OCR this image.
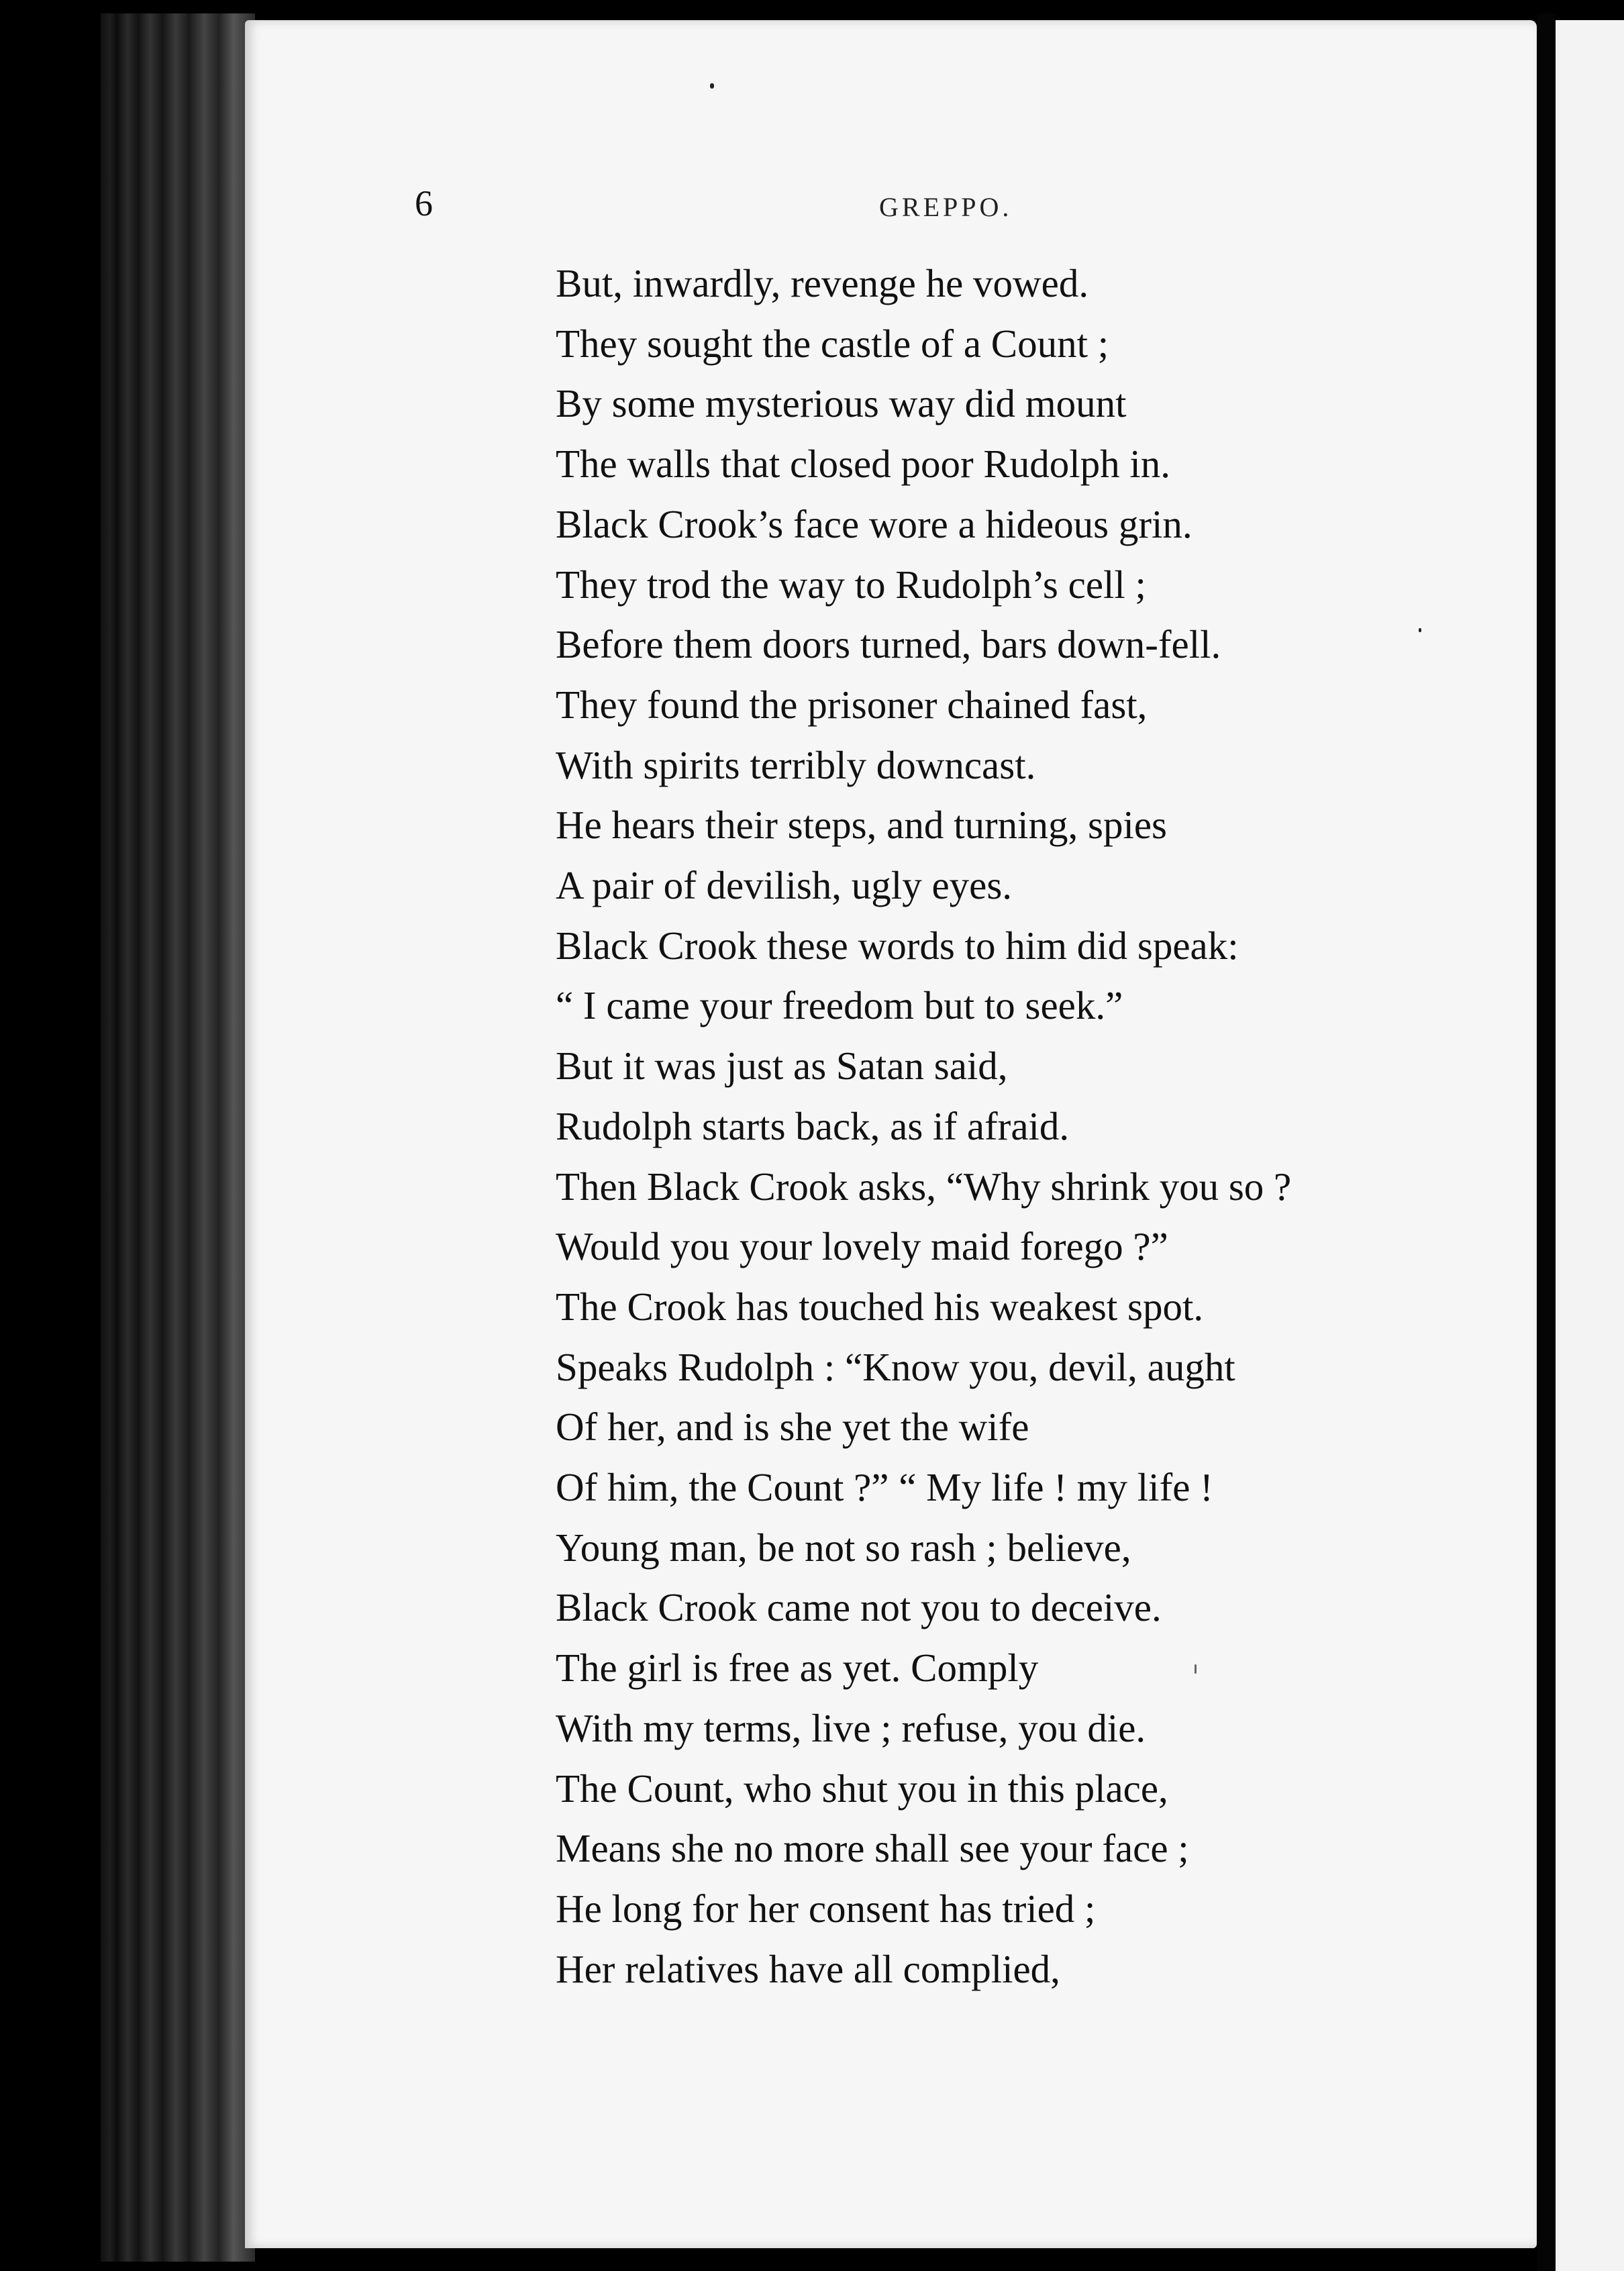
6	GREPPO.
But, inwardly, revenge he vowed.
They sought the castle of a Count ;
By some mysterious way did mount
The walls that closed poor Rudolph in.
Black Crook’s face wore a hideous grin.
They trod the way to Rudolph’s cell ;
Before them doors turned, bars down-fell.
They found the prisoner chained fast,
With spirits terribly downcast.
He hears their steps, and turning, spies
A pair of devilish, ugly eyes.
Black Crook these words to him did speak:
“ I came your freedom but to seek.”
But it was just as Satan said,
Rudolph starts back, as if afraid.
Then Black Crook asks, “Why shrink you so ?
Would you your lovely maid forego ?”
The Crook has touched his weakest spot.
Speaks Rudolph : “Know you, devil, aught
Of her, and is she yet the wife
Of him, the Count ?” “ My life ! my life !
Young man, be not so rash ; believe,
Black Crook came not you to deceive.
The girl is free as yet. Comply
With my terms, live ; refuse, you die.
The Count, who shut you in this place,
Means she no more shall see your face ;
He long for her consent has tried ;
Her relatives have all complied,
